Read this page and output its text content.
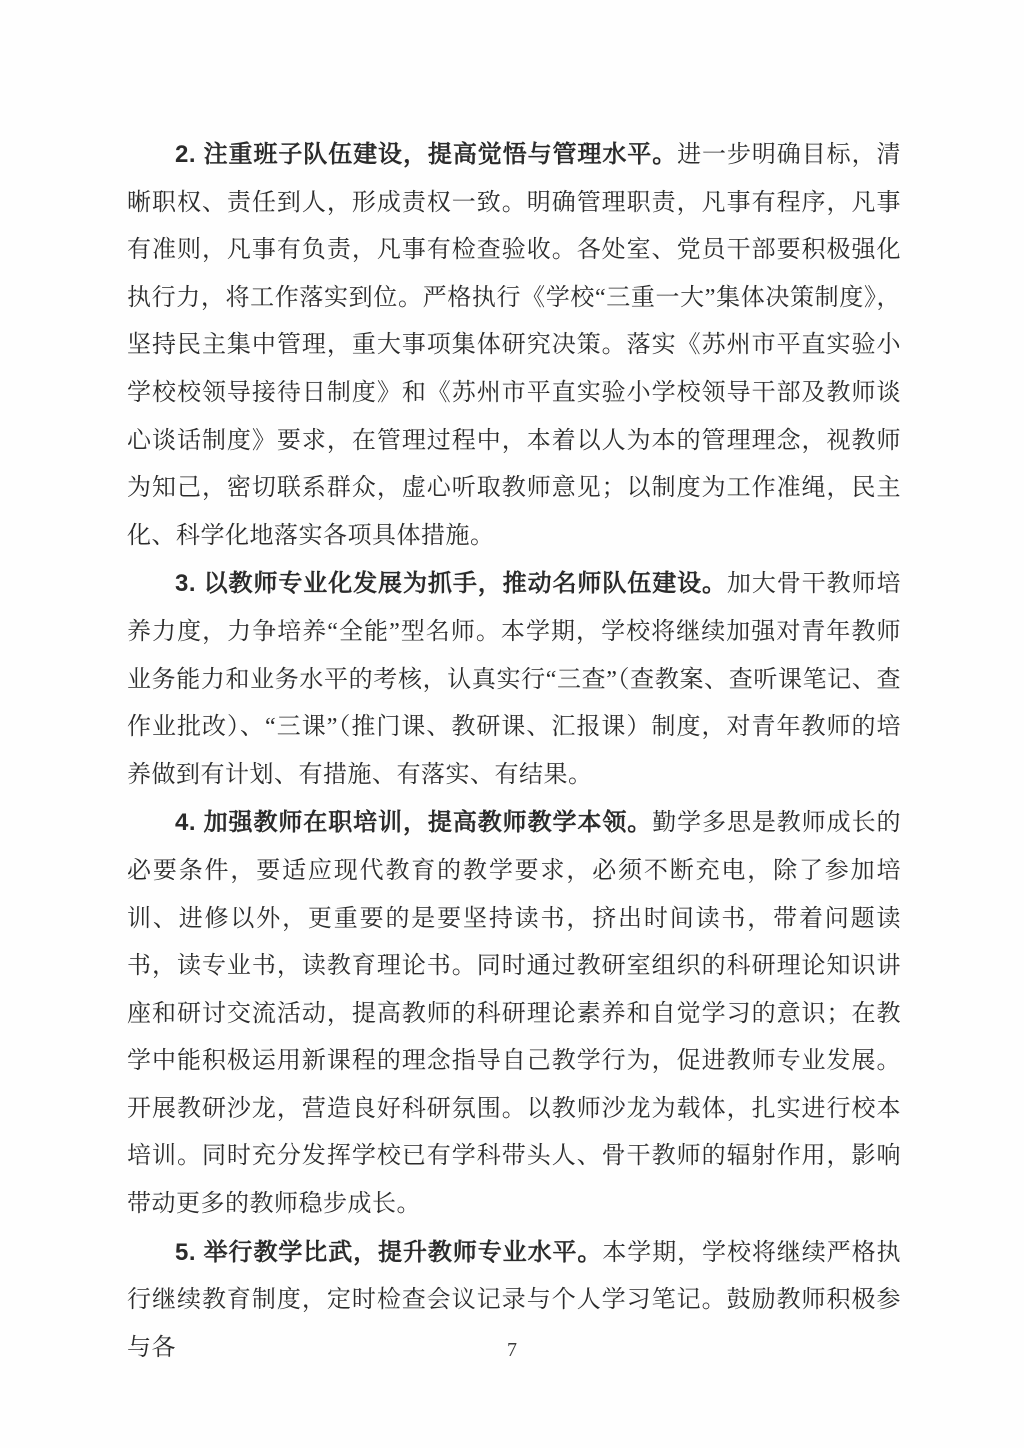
2. 注重班子队伍建设，提高觉悟与管理水平。进一步明确目标，清晰职权、责任到人，形成责权一致。明确管理职责，凡事有程序，凡事有准则，凡事有负责，凡事有检查验收。各处室、党员干部要积极强化执行力，将工作落实到位。严格执行《学校“三重一大”集体决策制度》，坚持民主集中管理，重大事项集体研究决策。落实《苏州市平直实验小学校校领导接待日制度》和《苏州市平直实验小学校领导干部及教师谈心谈话制度》要求，在管理过程中，本着以人为本的管理理念，视教师为知己，密切联系群众，虚心听取教师意见；以制度为工作准绳，民主化、科学化地落实各项具体措施。

3. 以教师专业化发展为抓手，推动名师队伍建设。加大骨干教师培养力度，力争培养“全能”型名师。本学期，学校将继续加强对青年教师业务能力和业务水平的考核，认真实行“三查”（查教案、查听课笔记、查作业批改）、“三课”（推门课、教研课、汇报课）制度，对青年教师的培养做到有计划、有措施、有落实、有结果。

4. 加强教师在职培训，提高教师教学本领。勤学多思是教师成长的必要条件，要适应现代教育的教学要求，必须不断充电，除了参加培训、进修以外，更重要的是要坚持读书，挤出时间读书，带着问题读书，读专业书，读教育理论书。同时通过教研室组织的科研理论知识讲座和研讨交流活动，提高教师的科研理论素养和自觉学习的意识；在教学中能积极运用新课程的理念指导自己教学行为，促进教师专业发展。开展教研沙龙，营造良好科研氛围。以教师沙龙为载体，扎实进行校本培训。同时充分发挥学校已有学科带头人、骨干教师的辐射作用，影响带动更多的教师稳步成长。

5. 举行教学比武，提升教师专业水平。本学期，学校将继续严格执行继续教育制度，定时检查会议记录与个人学习笔记。鼓励教师积极参与各	7
